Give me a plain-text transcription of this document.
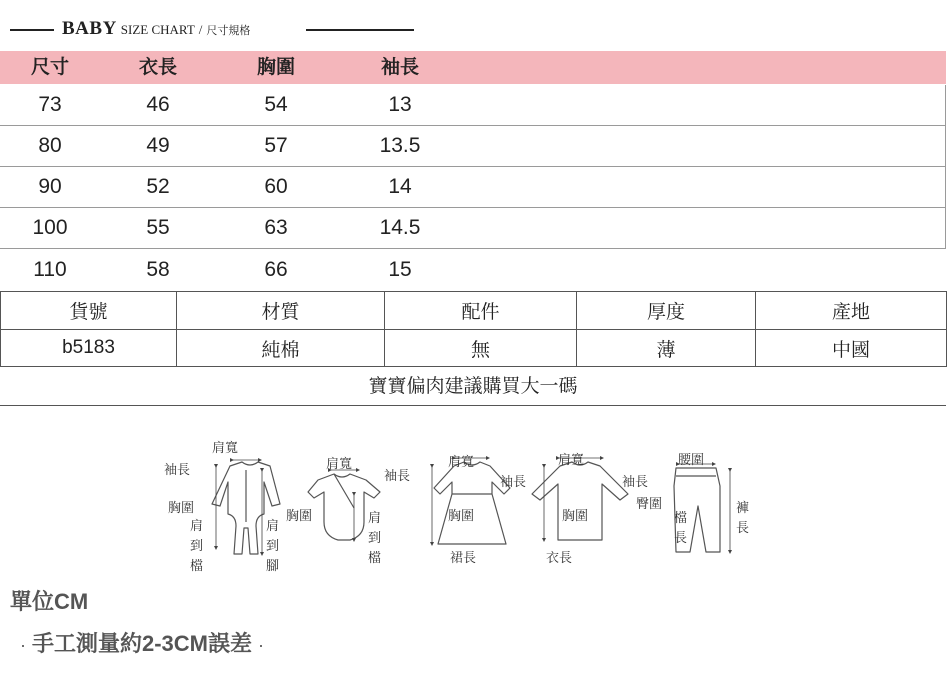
BABY SIZE CHART / 尺寸規格
尺寸	衣長	胸圍	袖長
73	46	54	13
80	49	57	13.5
90	52	60	14
100	55	63	14.5
110	58	66	15
貨號	材質	配件	厚度	產地
b5183	純棉	無	薄	中國
寶寶偏肉建議購買大一碼
肩寬
袖長
胸圍
肩
到
檔
肩
到
腳
肩寬
袖長
胸圍	肩
到
檔
肩寬
袖長
胸圍
裙長
肩寬
袖長
胸圍
衣長
腰圍
臀圍
檔
長
褲
長
單位CM
· 手工測量約2-3CM誤差 ·
